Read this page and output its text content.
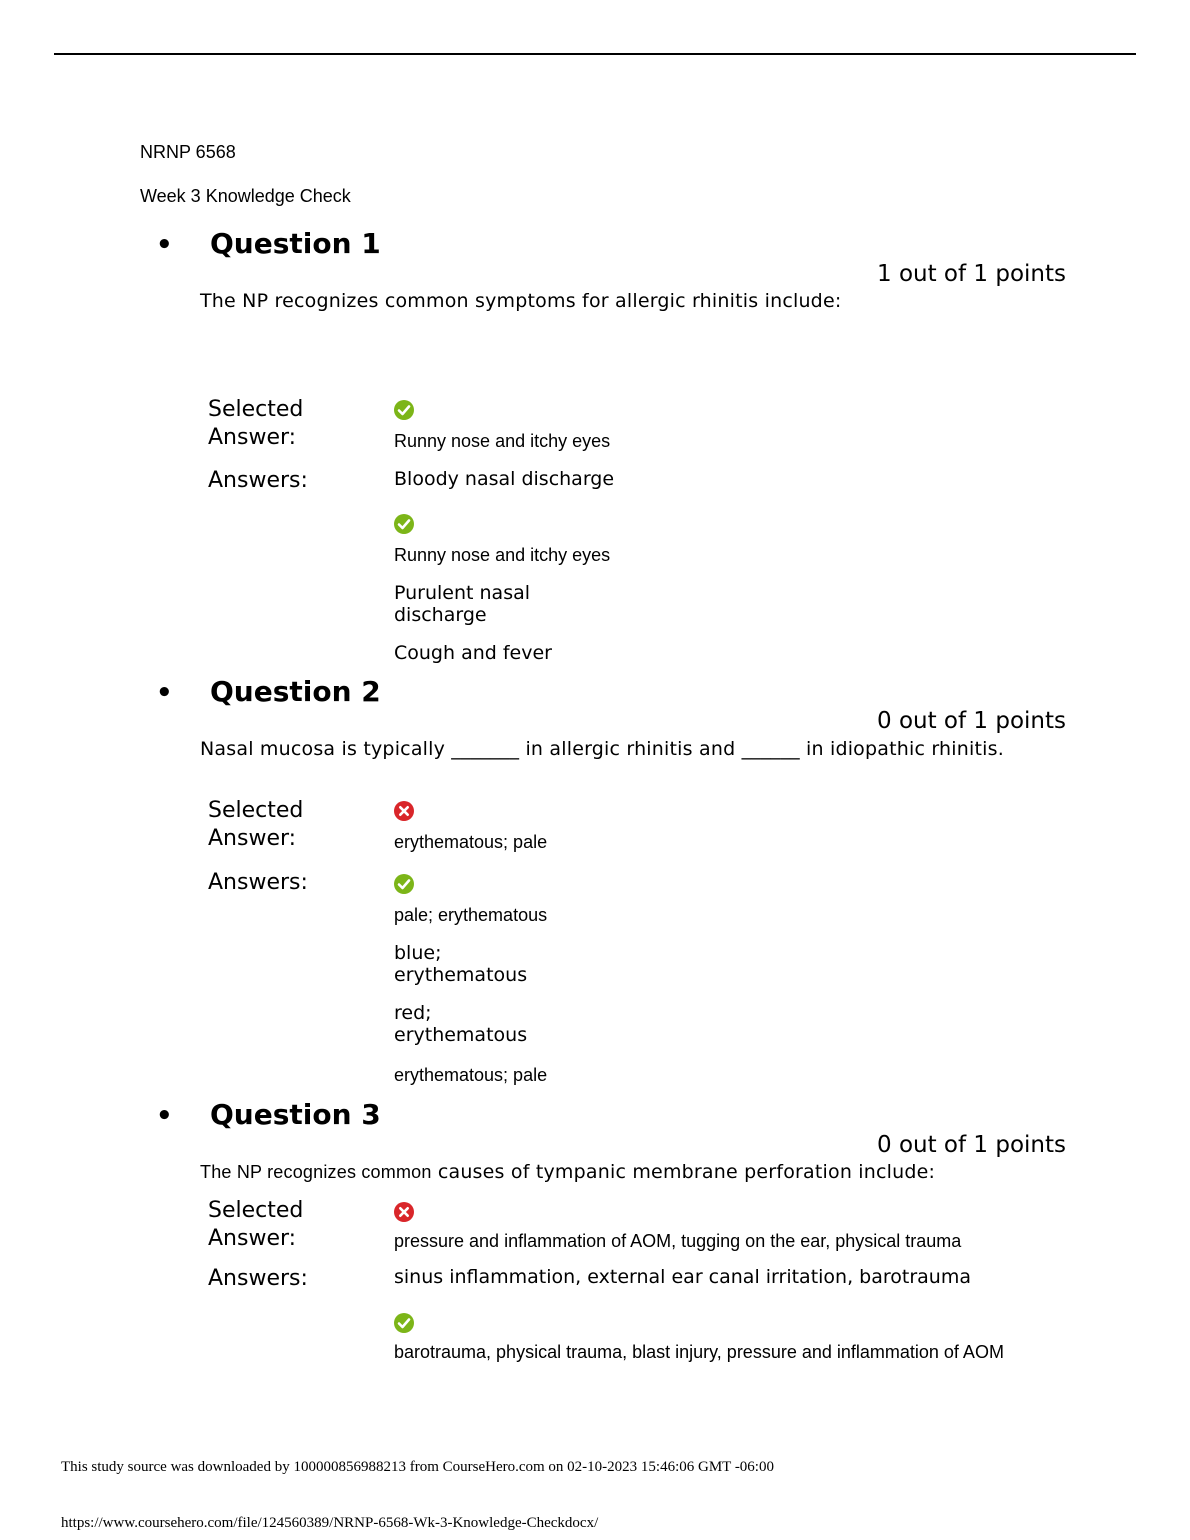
NRNP 6568
Week 3 Knowledge Check
• Question 1
1 out of 1 points
The NP recognizes common symptoms for allergic rhinitis include:
Selected
Answer:	Runny nose and itchy eyes
Answers:	Bloody nasal discharge
Runny nose and itchy eyes
Purulent nasal
discharge
Cough and fever
• Question 2
0 out of 1 points
Nasal mucosa is typically _______ in allergic rhinitis and ______ in idiopathic rhinitis.
Selected
Answer:	erythematous; pale
Answers:
pale; erythematous
blue;
erythematous
red;
erythematous
erythematous; pale
• Question 3
0 out of 1 points
The NP recognizes common causes of tympanic membrane perforation include:
Selected
Answer:	pressure and inflammation of AOM, tugging on the ear, physical trauma
Answers:	sinus inflammation, external ear canal irritation, barotrauma
barotrauma, physical trauma, blast injury, pressure and inflammation of AOM
This study source was downloaded by 100000856988213 from CourseHero.com on 02-10-2023 15:46:06 GMT -06:00
https://www.coursehero.com/file/124560389/NRNP-6568-Wk-3-Knowledge-Checkdocx/
